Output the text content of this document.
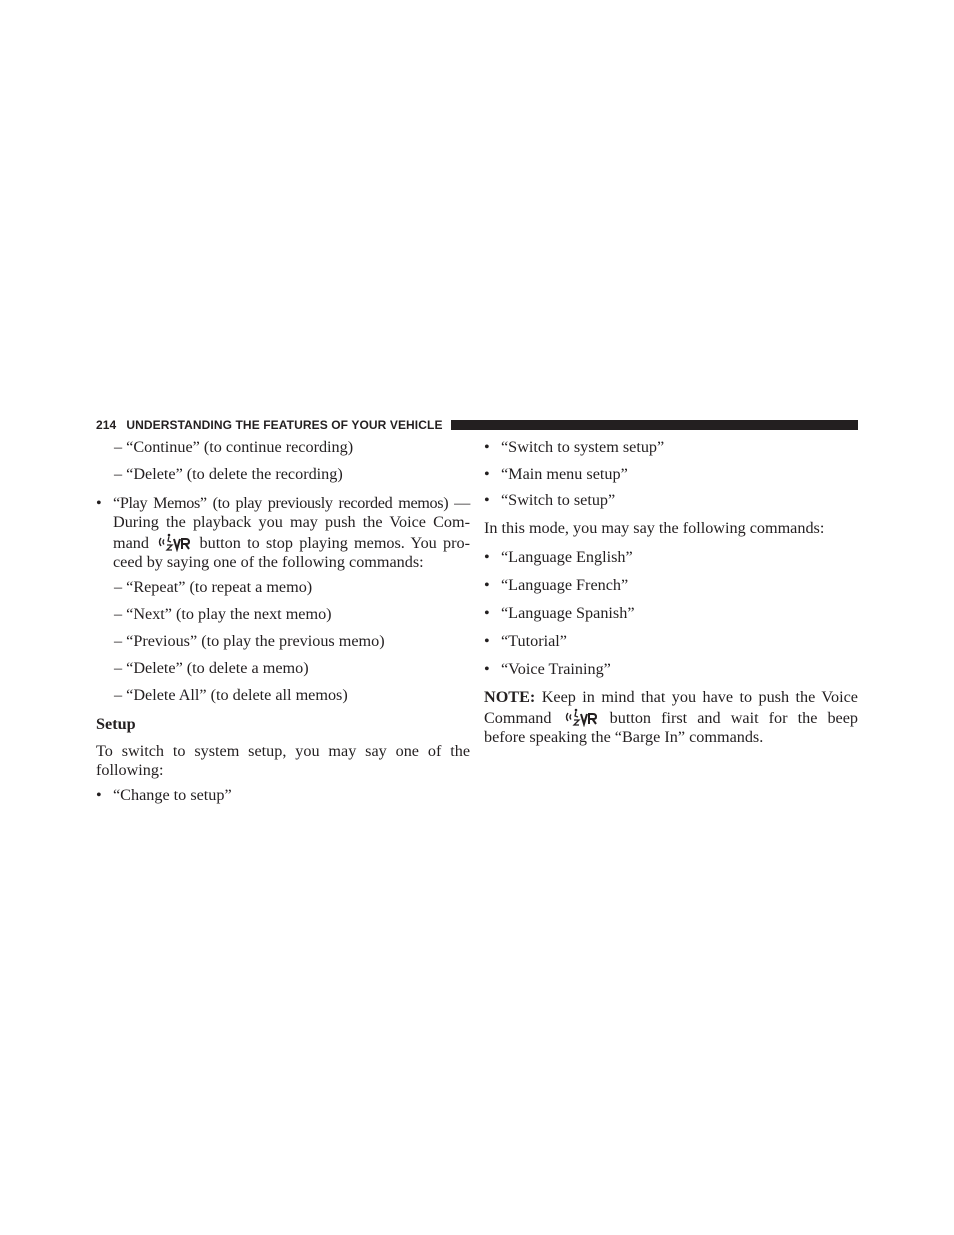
214 UNDERSTANDING THE FEATURES OF YOUR VEHICLE
– “Continue” (to continue recording)
– “Delete” (to delete the recording)
• “Play Memos” (to play previously recorded memos) —
During the playback you may push the Voice Com-
mand	button to stop playing memos. You pro-
ceed by saying one of the following commands:
– “Repeat” (to repeat a memo)
– “Next” (to play the next memo)
– “Previous” (to play the previous memo)
– “Delete” (to delete a memo)
– “Delete All” (to delete all memos)
Setup
To switch to system setup, you may say one of the
following:
• “Change to setup”
• “Switch to system setup”
• “Main menu setup”
• “Switch to setup”
In this mode, you may say the following commands:
• “Language English”
• “Language French”
• “Language Spanish”
• “Tutorial”
• “Voice Training”
NOTE: Keep in mind that you have to push the Voice
Command	button first and wait for the beep
before speaking the “Barge In” commands.
